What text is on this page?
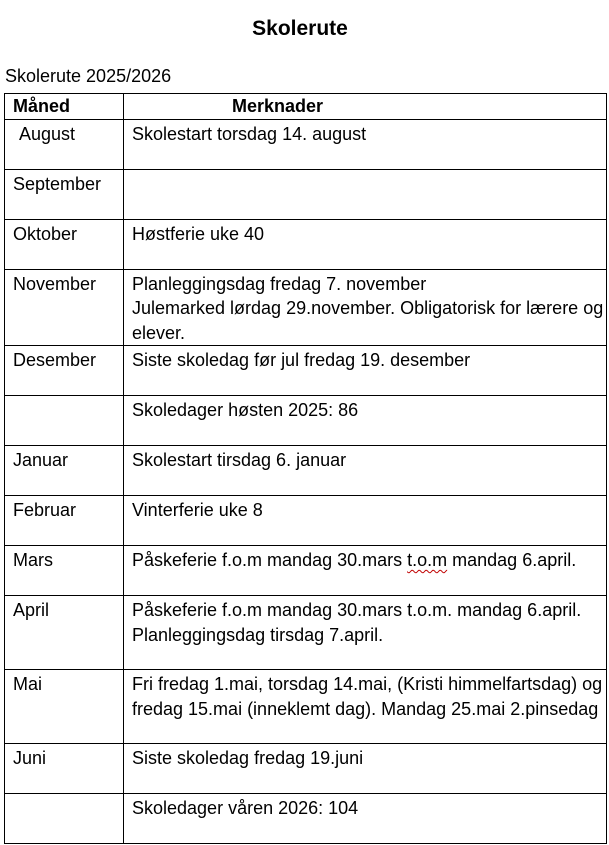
Skolerute
Skolerute 2025/2026
Måned	Merknader
August	Skolestart torsdag 14. august

September	

Oktober	Høstferie uke 40

November	Planleggingsdag fredag 7. november
Julemarked lørdag 29.november. Obligatorisk for lærere og elever.

Desember	Siste skoledag før jul fredag 19. desember

	Skoledager høsten 2025: 86

Januar	Skolestart tirsdag 6. januar

Februar	Vinterferie uke 8

Mars	Påskeferie f.o.m mandag 30.mars t.o.m mandag 6.april.

April	Påskeferie f.o.m mandag 30.mars t.o.m. mandag 6.april.
Planleggingsdag tirsdag 7.april.

Mai	Fri fredag 1.mai, torsdag 14.mai, (Kristi himmelfartsdag) og fredag 15.mai (inneklemt dag). Mandag 25.mai 2.pinsedag

Juni	Siste skoledag fredag 19.juni

	Skoledager våren 2026: 104
